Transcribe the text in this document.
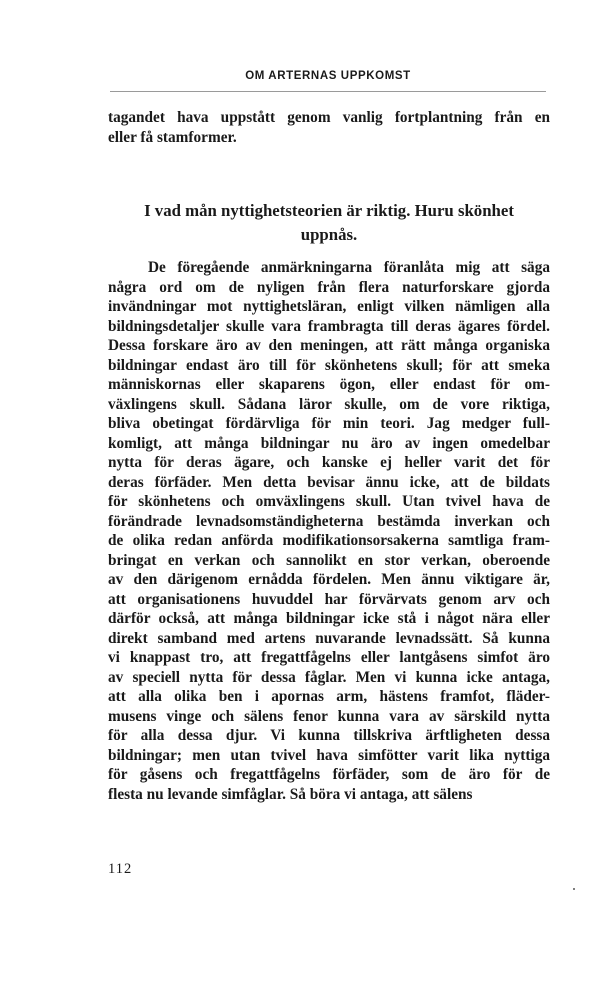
OM ARTERNAS UPPKOMST
tagandet hava uppstått genom vanlig fortplantning från en
eller få stamformer.
I vad mån nyttighetsteorien är riktig. Huru skönhet
uppnås.
De föregående anmärkningarna föranlåta mig att säga
några ord om de nyligen från flera naturforskare gjorda
invändningar mot nyttighetsläran, enligt vilken nämligen alla
bildningsdetaljer skulle vara frambragta till deras ägares fördel.
Dessa forskare äro av den meningen, att rätt många organiska
bildningar endast äro till för skönhetens skull; för att smeka
människornas eller skaparens ögon, eller endast för om-
växlingens skull. Sådana läror skulle, om de vore riktiga,
bliva obetingat fördärvliga för min teori. Jag medger full-
komligt, att många bildningar nu äro av ingen omedelbar
nytta för deras ägare, och kanske ej heller varit det för
deras förfäder. Men detta bevisar ännu icke, att de bildats
för skönhetens och omväxlingens skull. Utan tvivel hava de
förändrade levnadsomständigheterna bestämda inverkan och
de olika redan anförda modifikationsorsakerna samtliga fram-
bringat en verkan och sannolikt en stor verkan, oberoende
av den därigenom ernådda fördelen. Men ännu viktigare är,
att organisationens huvuddel har förvärvats genom arv och
därför också, att många bildningar icke stå i något nära eller
direkt samband med artens nuvarande levnadssätt. Så kunna
vi knappast tro, att fregattfågelns eller lantgåsens simfot äro
av speciell nytta för dessa fåglar. Men vi kunna icke antaga,
att alla olika ben i apornas arm, hästens framfot, fläder-
musens vinge och sälens fenor kunna vara av särskild nytta
för alla dessa djur. Vi kunna tillskriva ärftligheten dessa
bildningar; men utan tvivel hava simfötter varit lika nyttiga
för gåsens och fregattfågelns förfäder, som de äro för de
flesta nu levande simfåglar. Så böra vi antaga, att sälens
112
